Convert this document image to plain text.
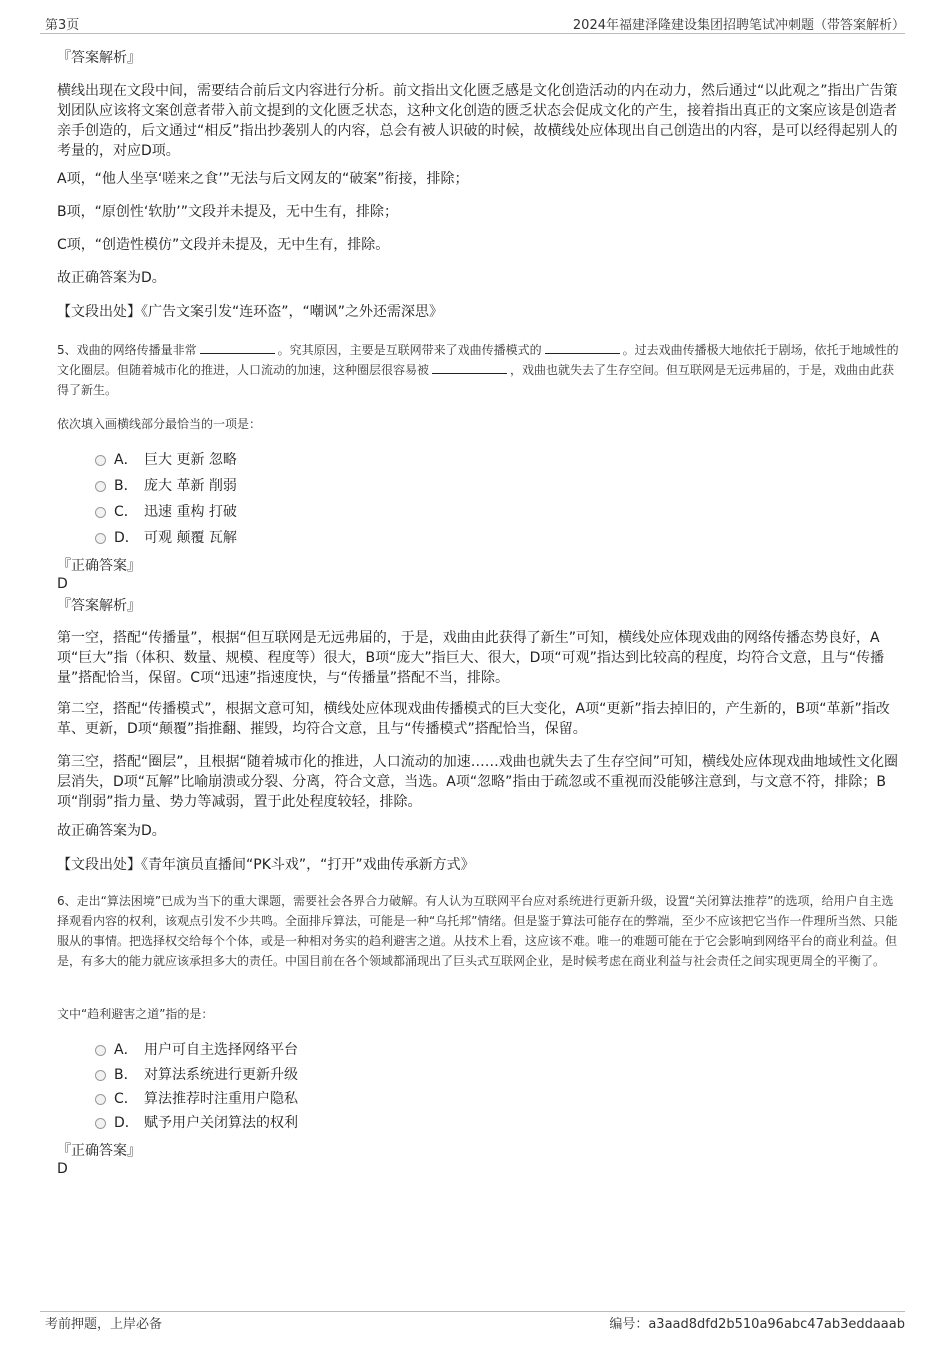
第3页	2024年福建泽隆建设集团招聘笔试冲刺题（带答案解析）
『答案解析』
横线出现在文段中间，需要结合前后文内容进行分析。前文指出文化匮乏感是文化创造活动的内在动力，然后通过“以此观之”指出广告策划团队应该将文案创意者带入前文提到的文化匮乏状态，这种文化创造的匮乏状态会促成文化的产生，接着指出真正的文案应该是创造者亲手创造的，后文通过“相反”指出抄袭别人的内容，总会有被人识破的时候，故横线处应体现出自己创造出的内容，是可以经得起别人的考量的，对应D项。
A项，“他人坐享‘嗟来之食’”无法与后文网友的“破案”衔接，排除；
B项，“原创性‘软肋’”文段并未提及，无中生有，排除；
C项，“创造性模仿”文段并未提及，无中生有，排除。
故正确答案为D。
【文段出处】《广告文案引发“连环盗”，“嘲讽”之外还需深思》
5、戏曲的网络传播量非常	。究其原因，主要是互联网带来了戏曲传播模式的	。过去戏曲传播极大地依托于剧场，依托于地域性的文化圈层。但随着城市化的推进，人口流动的加速，这种圈层很容易被	，戏曲也就失去了生存空间。但互联网是无远弗届的，于是，戏曲由此获得了新生。
依次填入画横线部分最恰当的一项是：
A． 巨大 更新 忽略
B． 庞大 革新 削弱
C． 迅速 重构 打破
D． 可观 颠覆 瓦解
『正确答案』
D
『答案解析』
第一空，搭配“传播量”，根据“但互联网是无远弗届的，于是，戏曲由此获得了新生”可知，横线处应体现戏曲的网络传播态势良好，A项“巨大”指（体积、数量、规模、程度等）很大，B项“庞大”指巨大、很大，D项“可观”指达到比较高的程度，均符合文意，且与“传播量”搭配恰当，保留。C项“迅速”指速度快，与“传播量”搭配不当，排除。
第二空，搭配“传播模式”，根据文意可知，横线处应体现戏曲传播模式的巨大变化，A项“更新”指去掉旧的，产生新的，B项“革新”指改革、更新，D项“颠覆”指推翻、摧毁，均符合文意，且与“传播模式”搭配恰当，保留。
第三空，搭配“圈层”，且根据“随着城市化的推进，人口流动的加速……戏曲也就失去了生存空间”可知，横线处应体现戏曲地域性文化圈层消失，D项“瓦解”比喻崩溃或分裂、分离，符合文意，当选。A项“忽略”指由于疏忽或不重视而没能够注意到，与文意不符，排除；B项“削弱”指力量、势力等减弱，置于此处程度较轻，排除。
故正确答案为D。
【文段出处】《青年演员直播间“PK斗戏”，“打开”戏曲传承新方式》
6、走出“算法困境”已成为当下的重大课题，需要社会各界合力破解。有人认为互联网平台应对系统进行更新升级，设置“关闭算法推荐”的选项，给用户自主选择观看内容的权利，该观点引发不少共鸣。全面排斥算法，可能是一种“乌托邦”情绪。但是鉴于算法可能存在的弊端，至少不应该把它当作一件理所当然、只能服从的事情。把选择权交给每个个体，或是一种相对务实的趋利避害之道。从技术上看，这应该不难。唯一的难题可能在于它会影响到网络平台的商业利益。但是，有多大的能力就应该承担多大的责任。中国目前在各个领域都涌现出了巨头式互联网企业，是时候考虑在商业利益与社会责任之间实现更周全的平衡了。
文中“趋利避害之道”指的是：
A． 用户可自主选择网络平台
B． 对算法系统进行更新升级
C． 算法推荐时注重用户隐私
D． 赋予用户关闭算法的权利
『正确答案』
D
考前押题，上岸必备	编号：a3aad8dfd2b510a96abc47ab3eddaaab
